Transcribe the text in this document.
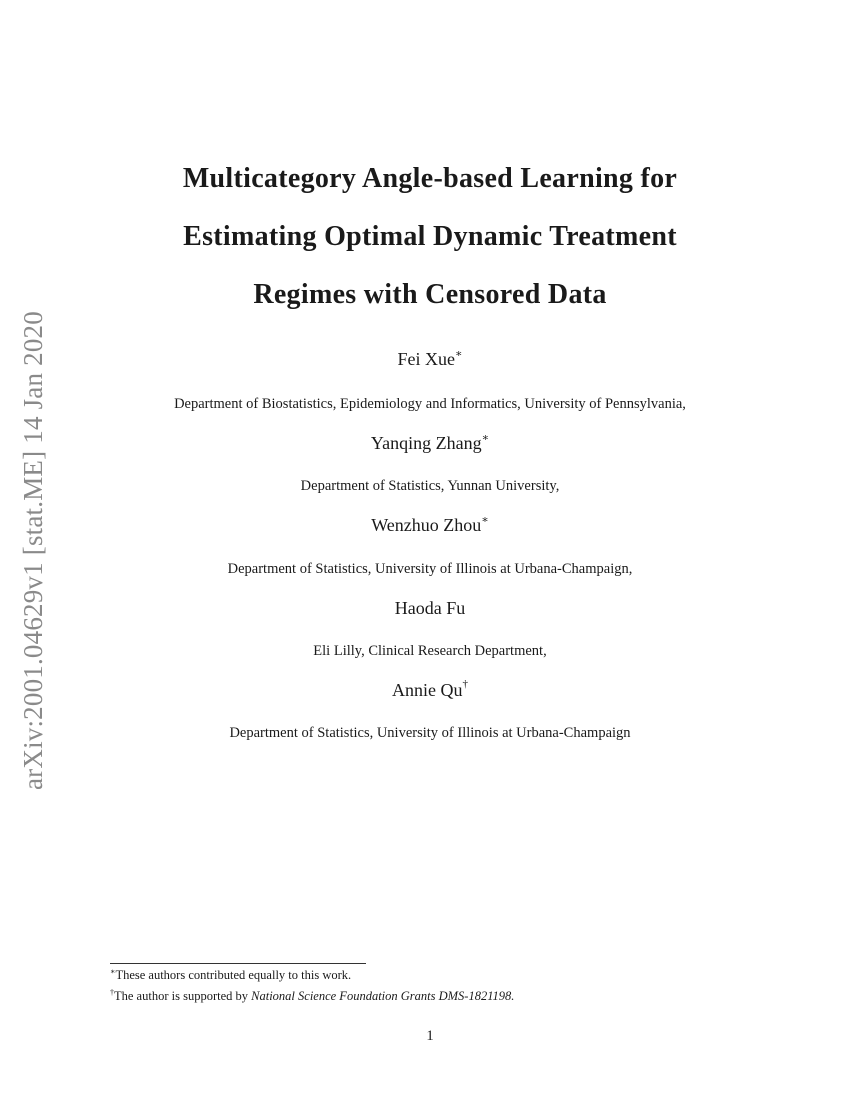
arXiv:2001.04629v1 [stat.ME] 14 Jan 2020
Multicategory Angle-based Learning for
Estimating Optimal Dynamic Treatment
Regimes with Censored Data
Fei Xue∗
Department of Biostatistics, Epidemiology and Informatics, University of Pennsylvania,
Yanqing Zhang∗
Department of Statistics, Yunnan University,
Wenzhuo Zhou∗
Department of Statistics, University of Illinois at Urbana-Champaign,
Haoda Fu
Eli Lilly, Clinical Research Department,
Annie Qu†
Department of Statistics, University of Illinois at Urbana-Champaign
∗These authors contributed equally to this work.
†The author is supported by National Science Foundation Grants DMS-1821198.
1
